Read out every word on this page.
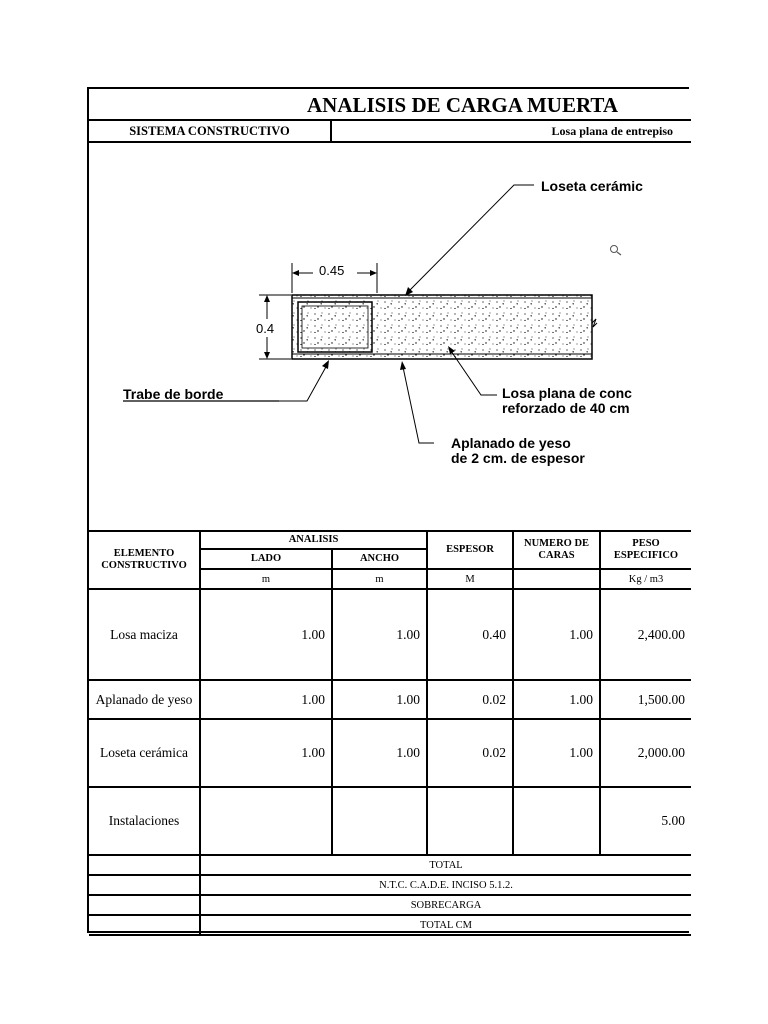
ANALISIS DE CARGA MUERTA
SISTEMA CONSTRUCTIVO	Losa plana de entrepiso
0.45
0.4
Loseta cerámic
Trabe de borde	Losa plana de conc
reforzado de 40 cm
Aplanado de yeso
de 2 cm. de espesor
ELEMENTO CONSTRUCTIVO	ANALISIS		ESPESOR	NUMERO DE CARAS	PESO ESPECIFICO
	LADO	ANCHO			
	m	m	M		Kg / m3
Losa maciza	1.00	1.00	0.40	1.00	2,400.00
Aplanado de yeso	1.00	1.00	0.02	1.00	1,500.00
Loseta cerámica	1.00	1.00	0.02	1.00	2,000.00
Instalaciones					5.00
	TOTAL				
	N.T.C. C.A.D.E. INCISO 5.1.2.				
	SOBRECARGA				
	TOTAL CM				
